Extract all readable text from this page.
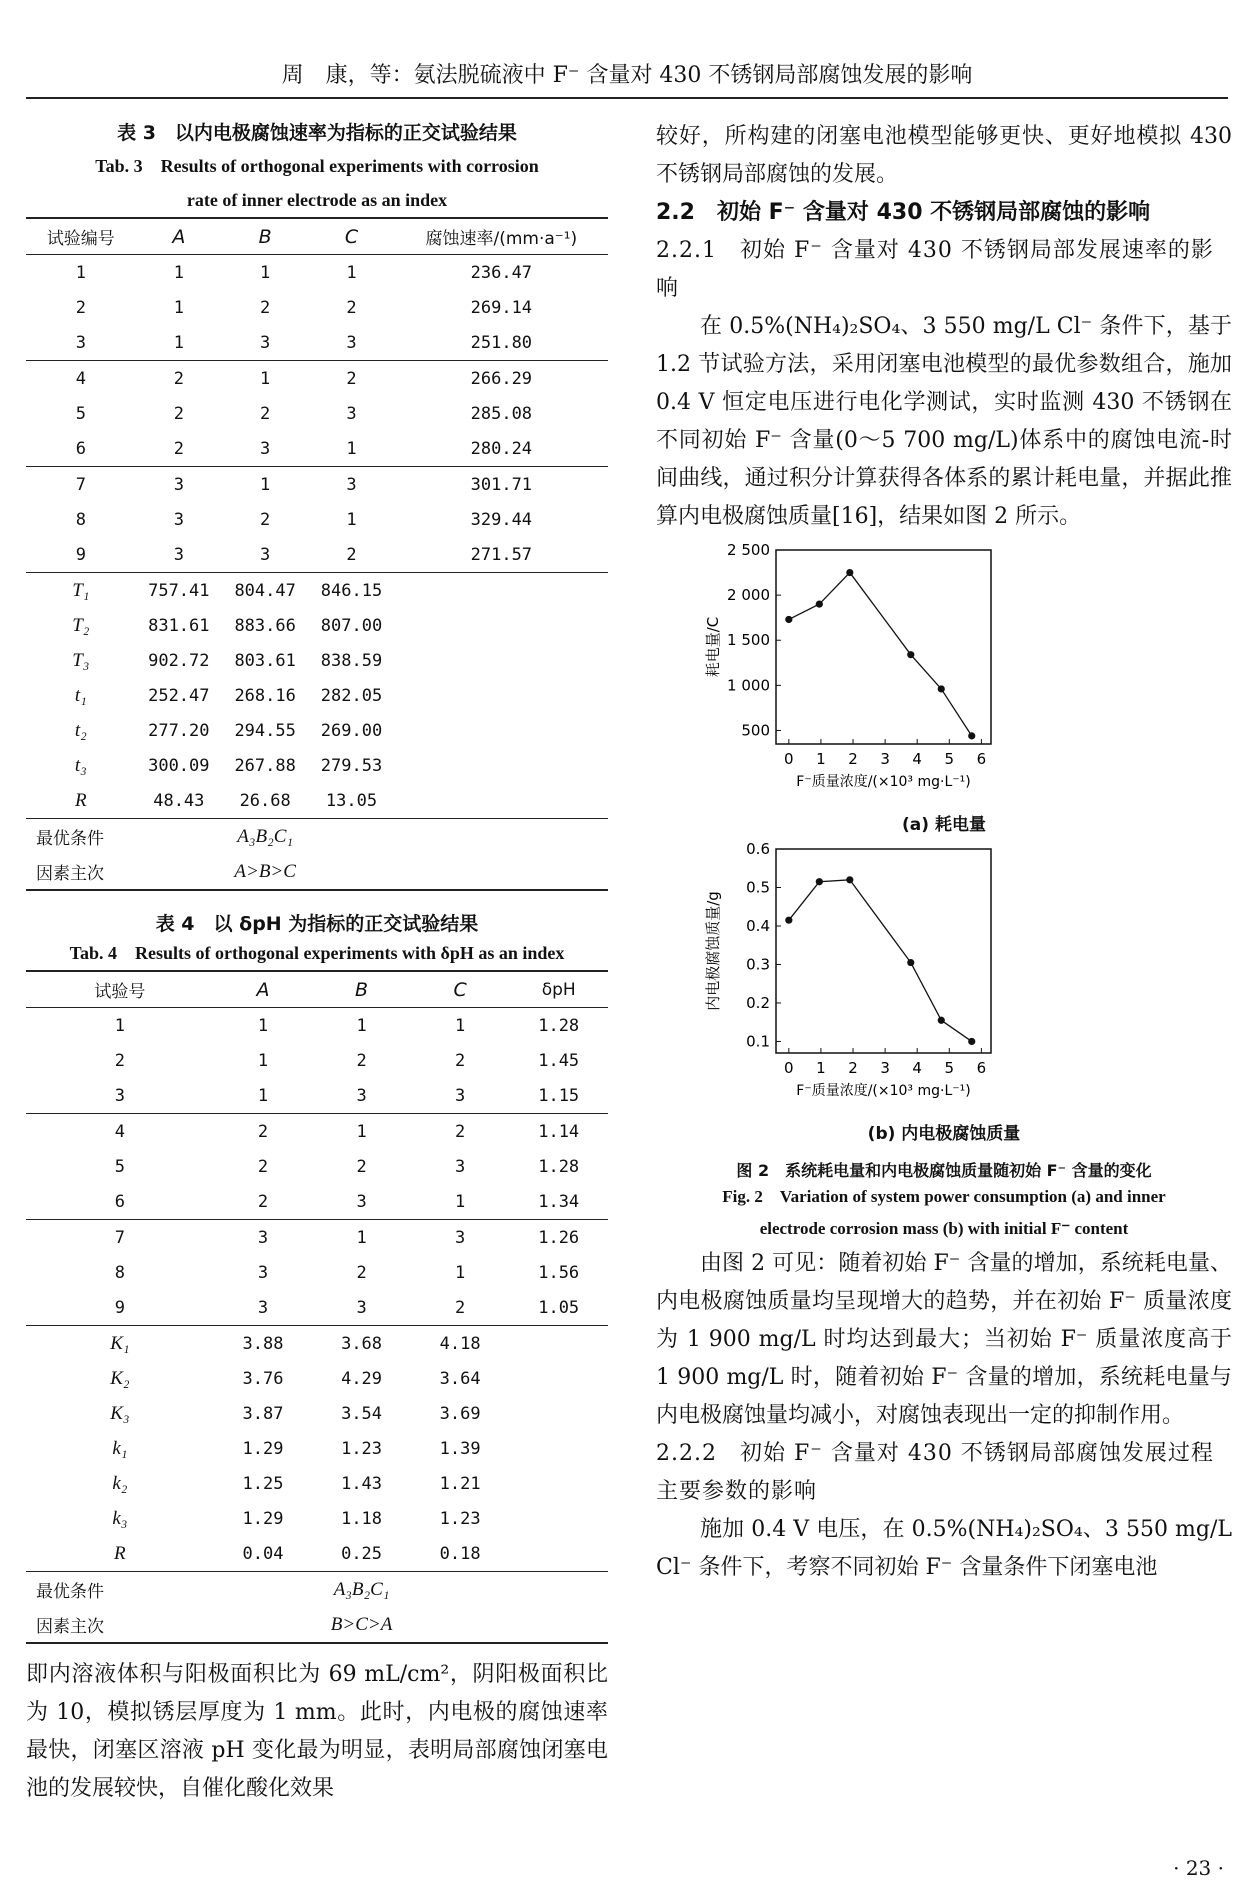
周　康，等：氨法脱硫液中 F⁻ 含量对 430 不锈钢局部腐蚀发展的影响
表 3　以内电极腐蚀速率为指标的正交试验结果
Tab. 3　Results of orthogonal experiments with corrosion
rate of inner electrode as an index
试验编号	A	B	C	腐蚀速率/(mm·a⁻¹)
1	1	1	1	236.47
2	1	2	2	269.14
3	1	3	3	251.80
4	2	1	2	266.29
5	2	2	3	285.08
6	2	3	1	280.24
7	3	1	3	301.71
8	3	2	1	329.44
9	3	3	2	271.57
T₁	757.41	804.47	846.15	
T₂	831.61	883.66	807.00	
T₃	902.72	803.61	838.59	
t₁	252.47	268.16	282.05	
t₂	277.20	294.55	269.00	
t₃	300.09	267.88	279.53	
R	48.43	26.68	13.05	
最优条件	A₃B₂C₁			
因素主次	A>B>C			
表 4　以 δpH 为指标的正交试验结果
Tab. 4　Results of orthogonal experiments with δpH as an index
试验号	A	B	C	δpH
1	1	1	1	1.28
2	1	2	2	1.45
3	1	3	3	1.15
4	2	1	2	1.14
5	2	2	3	1.28
6	2	3	1	1.34
7	3	1	3	1.26
8	3	2	1	1.56
9	3	3	2	1.05
K₁	3.88	3.68	4.18	
K₂	3.76	4.29	3.64	
K₃	3.87	3.54	3.69	
k₁	1.29	1.23	1.39	
k₂	1.25	1.43	1.21	
k₃	1.29	1.18	1.23	
R	0.04	0.25	0.18	
最优条件	A₃B₂C₁			
因素主次	B>C>A			
即内溶液体积与阳极面积比为 69 mL/cm²，阴阳极面积比为 10，模拟锈层厚度为 1 mm。此时，内电极的腐蚀速率最快，闭塞区溶液 pH 变化最为明显，表明局部腐蚀闭塞电池的发展较快，自催化酸化效果
较好，所构建的闭塞电池模型能够更快、更好地模拟 430 不锈钢局部腐蚀的发展。
2.2　初始 F⁻ 含量对 430 不锈钢局部腐蚀的影响
2.2.1　初始 F⁻ 含量对 430 不锈钢局部发展速率的影响
在 0.5%(NH₄)₂SO₄、3 550 mg/L Cl⁻ 条件下，基于 1.2 节试验方法，采用闭塞电池模型的最优参数组合，施加 0.4 V 恒定电压进行电化学测试，实时监测 430 不锈钢在不同初始 F⁻ 含量(0～5 700 mg/L)体系中的腐蚀电流-时间曲线，通过积分计算获得各体系的累计耗电量，并据此推算内电极腐蚀质量[16]，结果如图 2 所示。
0 1 2 3 4 5 6
500
1 000
1 500
2 000
2 500
F⁻质量浓度/(×10³ mg·L⁻¹)
耗电量/C
(a) 耗电量
0 1 2 3 4 5 6
0.1
0.2
0.3
0.4
0.5
0.6
F⁻质量浓度/(×10³ mg·L⁻¹)
内电极腐蚀质量/g
(b) 内电极腐蚀质量
图 2　系统耗电量和内电极腐蚀质量随初始 F⁻ 含量的变化
Fig. 2　Variation of system power consumption (a) and inner
electrode corrosion mass (b) with initial F⁻ content
由图 2 可见：随着初始 F⁻ 含量的增加，系统耗电量、内电极腐蚀质量均呈现增大的趋势，并在初始 F⁻ 质量浓度为 1 900 mg/L 时均达到最大；当初始 F⁻ 质量浓度高于 1 900 mg/L 时，随着初始 F⁻ 含量的增加，系统耗电量与内电极腐蚀量均减小，对腐蚀表现出一定的抑制作用。
2.2.2　初始 F⁻ 含量对 430 不锈钢局部腐蚀发展过程主要参数的影响
施加 0.4 V 电压，在 0.5%(NH₄)₂SO₄、3 550 mg/L Cl⁻ 条件下，考察不同初始 F⁻ 含量条件下闭塞电池
· 23 ·
